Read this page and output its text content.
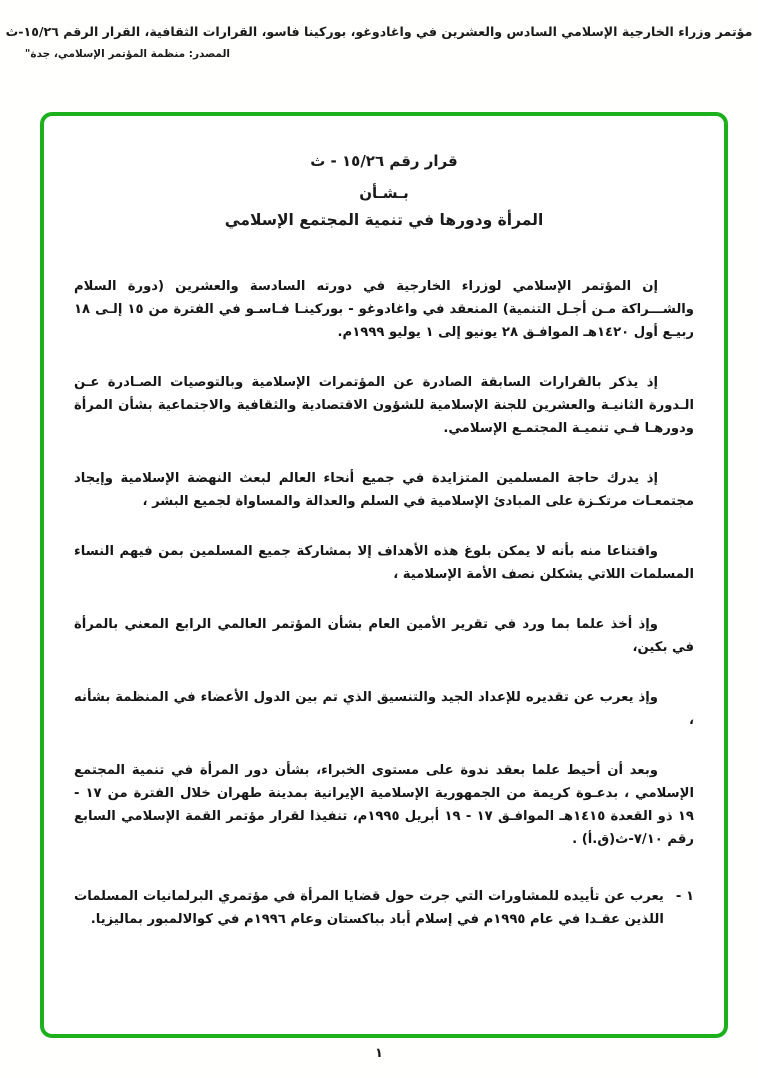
مؤتمر وزراء الخارجية الإسلامي السادس والعشرين في واغادوغو، بوركينا فاسو، القرارات الثقافية، القرار الرقم ١٥/٢٦-ث
المصدر: منظمة المؤتمر الإسلامي، جدة"
قرار رقم ١٥/٢٦ - ث
بـشـأن
المرأة ودورها في تنمية المجتمع الإسلامي

إن المؤتمر الإسلامي لوزراء الخارجية في دورته السادسة والعشرين (دورة السلام والشـــراكة مـن أجـل التنمية) المنعقد في واغادوغو - بوركينـا فـاسـو في الفترة من ١٥ إلـى ١٨ ربيـع أول ١٤٢٠هـ الموافـق ٢٨ يونيو إلى ١ يوليو ١٩٩٩م.

إذ يذكر بالقرارات السابقة الصادرة عن المؤتمرات الإسلامية وبالتوصيات الصـادرة عـن الـدورة الثانيـة والعشرين للجنة الإسلامية للشؤون الاقتصادية والثقافية والاجتماعية بشأن المرأة ودورهـا فـي تنميـة المجتمـع الإسلامي.

إذ يدرك حاجة المسلمين المتزايدة في جميع أنحاء العالم لبعث النهضة الإسلامية وإيجاد مجتمعـات مرتكـزة على المبادئ الإسلامية في السلم والعدالة والمساواة لجميع البشر ،

واقتناعا منه بأنه لا يمكن بلوغ هذه الأهداف إلا بمشاركة جميع المسلمين بمن فيهم النساء المسلمات اللاتي يشكلن نصف الأمة الإسلامية ،

وإذ أخذ علما بما ورد في تقرير الأمين العام بشأن المؤتمر العالمي الرابع المعني بالمرأة في بكين،

وإذ يعرب عن تقديره للإعداد الجيد والتنسيق الذي تم بين الدول الأعضاء في المنظمة بشأنه ،

وبعد أن أحيط علما بعقد ندوة على مستوى الخبراء، بشأن دور المرأة في تنمية المجتمع الإسلامي ، بدعـوة كريمة من الجمهورية الإسلامية الإيرانية بمدينة طهران خلال الفترة من ١٧ - ١٩ ذو القعدة ١٤١٥هـ الموافـق ١٧ - ١٩ أبريل ١٩٩٥م، تنفيذا لقرار مؤتمر القمة الإسلامي السابع رقم ٧/١٠-ث(ق.أ) .

١ -
يعرب عن تأييده للمشاورات التي جرت حول قضايا المرأة في مؤتمري البرلمانيات المسلمات اللذين عقـدا في عام ١٩٩٥م في إسلام أباد بباكستان وعام ١٩٩٦م في كوالالمبور بماليزيا.
١
